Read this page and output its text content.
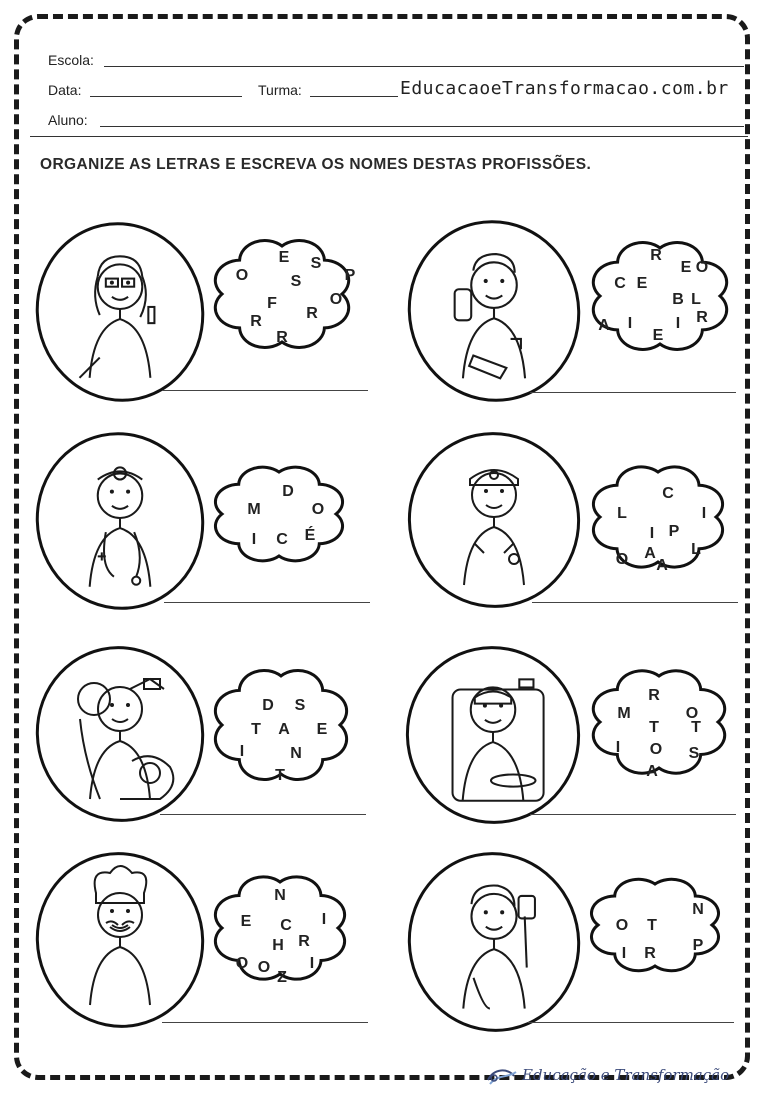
Escola:
Data:	Turma:	EducacaoeTransformacao.com.br
Aluno:
ORGANIZE AS LETRAS E ESCREVA OS NOMES DESTAS PROFISSÕES.
E S
O	S	P
F
R	R
R
O
R
E O
C E
B L
I
A I
E
R
D
M	O
I C É
C
L	I
I P
A L
O A
D S
T A E
I	N
T
R
M	O
T T
I O S
A
N
E	I
C
R
H
O	I
O
Z
N
O T
P
I R
Educação e Transformação
